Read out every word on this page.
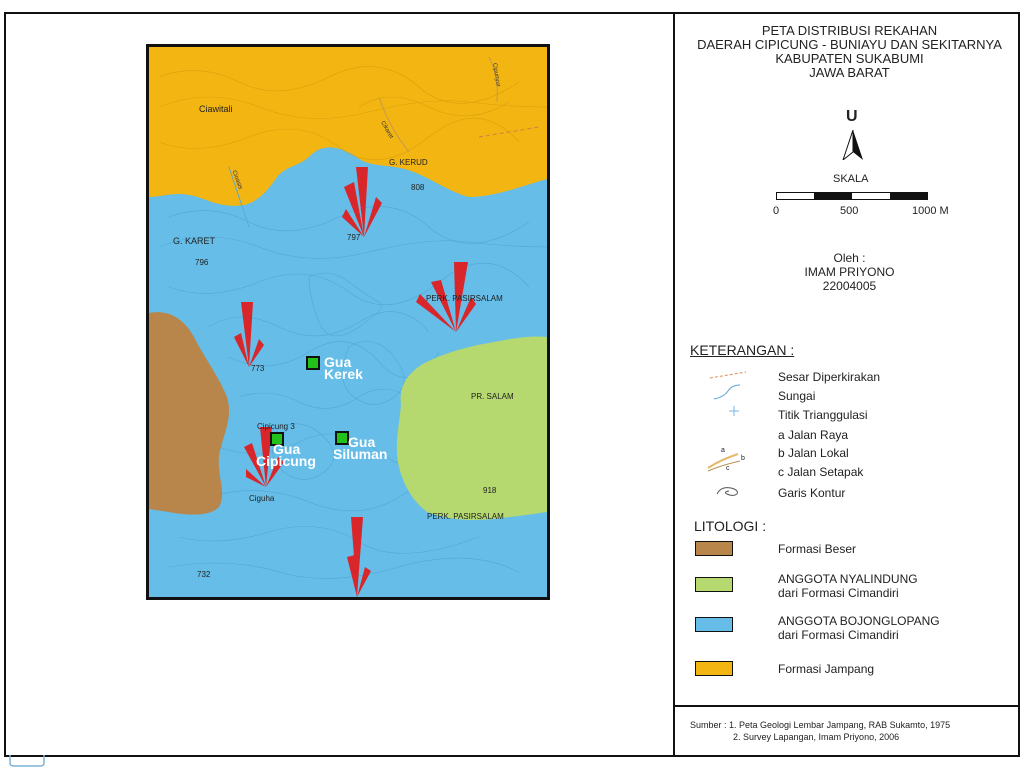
Ciawitali
G. KERUD
808
G. KARET
796
797
PERK. PASIRSALAM
773
PR. SALAM
Cipicung 3
Ciguha
918
PERK. PASIRSALAM
732
Cioasis
Cikaret
Cipunyur
Gua
Kerek
Gua
Cipicung
Gua
Siluman
PETA DISTRIBUSI REKAHAN
DAERAH CIPICUNG - BUNIAYU DAN SEKITARNYA
KABUPATEN SUKABUMI
JAWA BARAT
U
SKALA
0	500	1000 M
Oleh :
IMAM PRIYONO
22004005
KETERANGAN :
a
b
c
Sesar Diperkirakan
Sungai
Titik Trianggulasi
a Jalan Raya
b Jalan Lokal
c Jalan Setapak
Garis Kontur
LITOLOGI :
Formasi Beser
ANGGOTA NYALINDUNG
dari Formasi Cimandiri
ANGGOTA BOJONGLOPANG
dari Formasi Cimandiri
Formasi Jampang
Sumber : 1. Peta Geologi Lembar Jampang, RAB Sukamto, 1975
2. Survey Lapangan, Imam Priyono, 2006
